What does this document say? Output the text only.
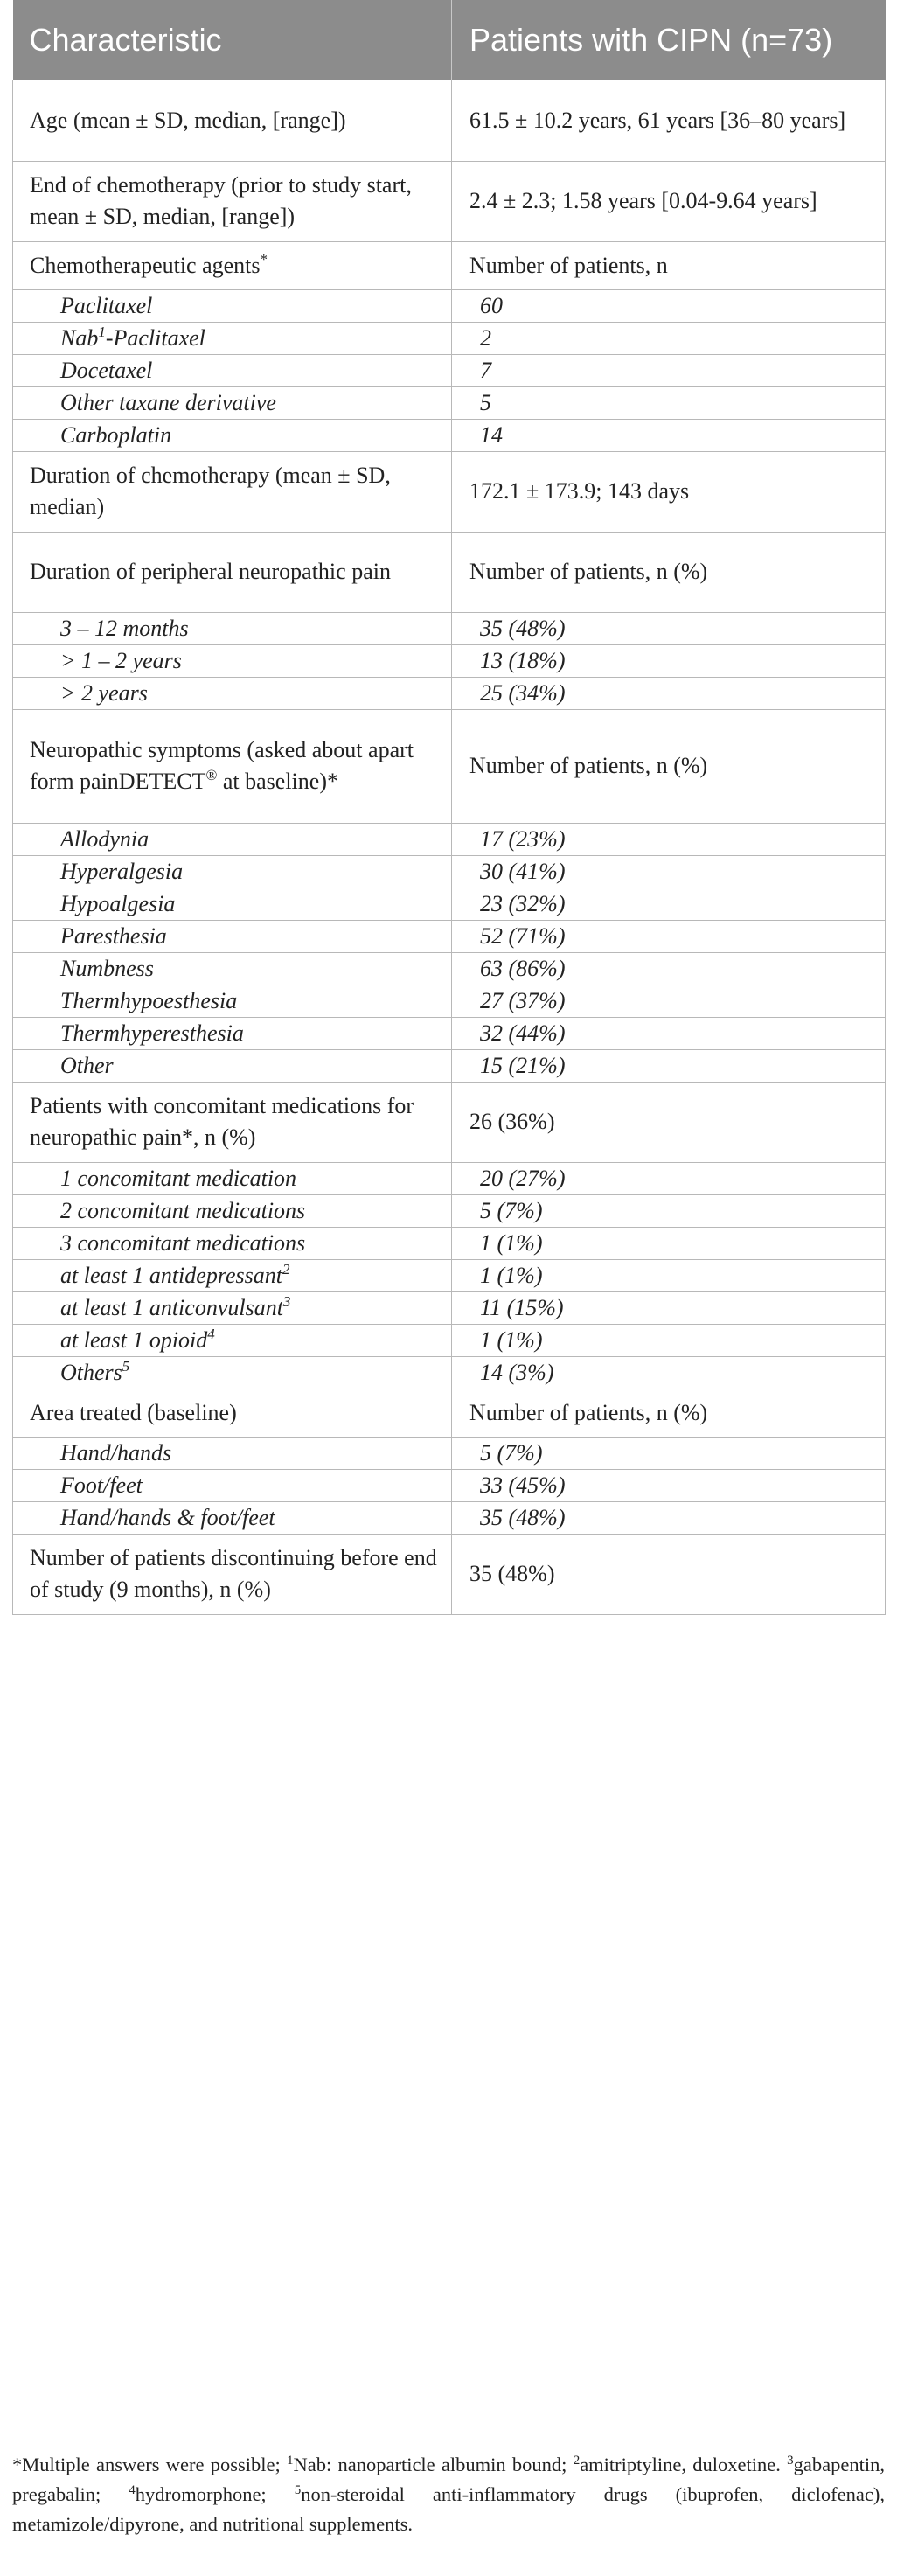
Characteristic	Patients with CIPN (n=73)
Age (mean ± SD, median, [range])	61.5 ± 10.2 years, 61 years [36–80 years]
End of chemotherapy (prior to study start, mean ± SD, median, [range])	2.4 ± 2.3; 1.58 years [0.04-9.64 years]
Chemotherapeutic agents*	Number of patients, n
Paclitaxel	60
Nab$^1$-Paclitaxel	2
Docetaxel	7
Other taxane derivative	5
Carboplatin	14
Duration of chemotherapy (mean ± SD, median)	172.1 ± 173.9; 143 days
Duration of peripheral neuropathic pain	Number of patients, n (%)
3 – 12 months	35 (48%)
> 1 – 2 years	13 (18%)
> 2 years	25 (34%)
Neuropathic symptoms (asked about apart form painDETECT® at baseline)*	Number of patients, n (%)
Allodynia	17 (23%)
Hyperalgesia	30 (41%)
Hypoalgesia	23 (32%)
Paresthesia	52 (71%)
Numbness	63 (86%)
Thermhypoesthesia	27 (37%)
Thermhyperesthesia	32 (44%)
Other	15 (21%)
Patients with concomitant medications for neuropathic pain*, n (%)	26 (36%)
1 concomitant medication	20 (27%)
2 concomitant medications	5 (7%)
3 concomitant medications	1 (1%)
at least 1 antidepressant$^2$	1 (1%)
at least 1 anticonvulsant$^3$	11 (15%)
at least 1 opioid$^4$	1 (1%)
Others$^5$	14 (3%)
Area treated (baseline)	Number of patients, n (%)
Hand/hands	5 (7%)
Foot/feet	33 (45%)
Hand/hands & foot/feet	35 (48%)
Number of patients discontinuing before end of study (9 months), n (%)	35 (48%)

*Multiple answers were possible; $^1$Nab: nanoparticle albumin bound; $^2$amitriptyline, duloxetine. $^3$gabapentin, pregabalin; $^4$hydromorphone; $^5$non-steroidal anti-inflammatory drugs (ibuprofen, diclofenac), metamizole/dipyrone, and nutritional supplements.
